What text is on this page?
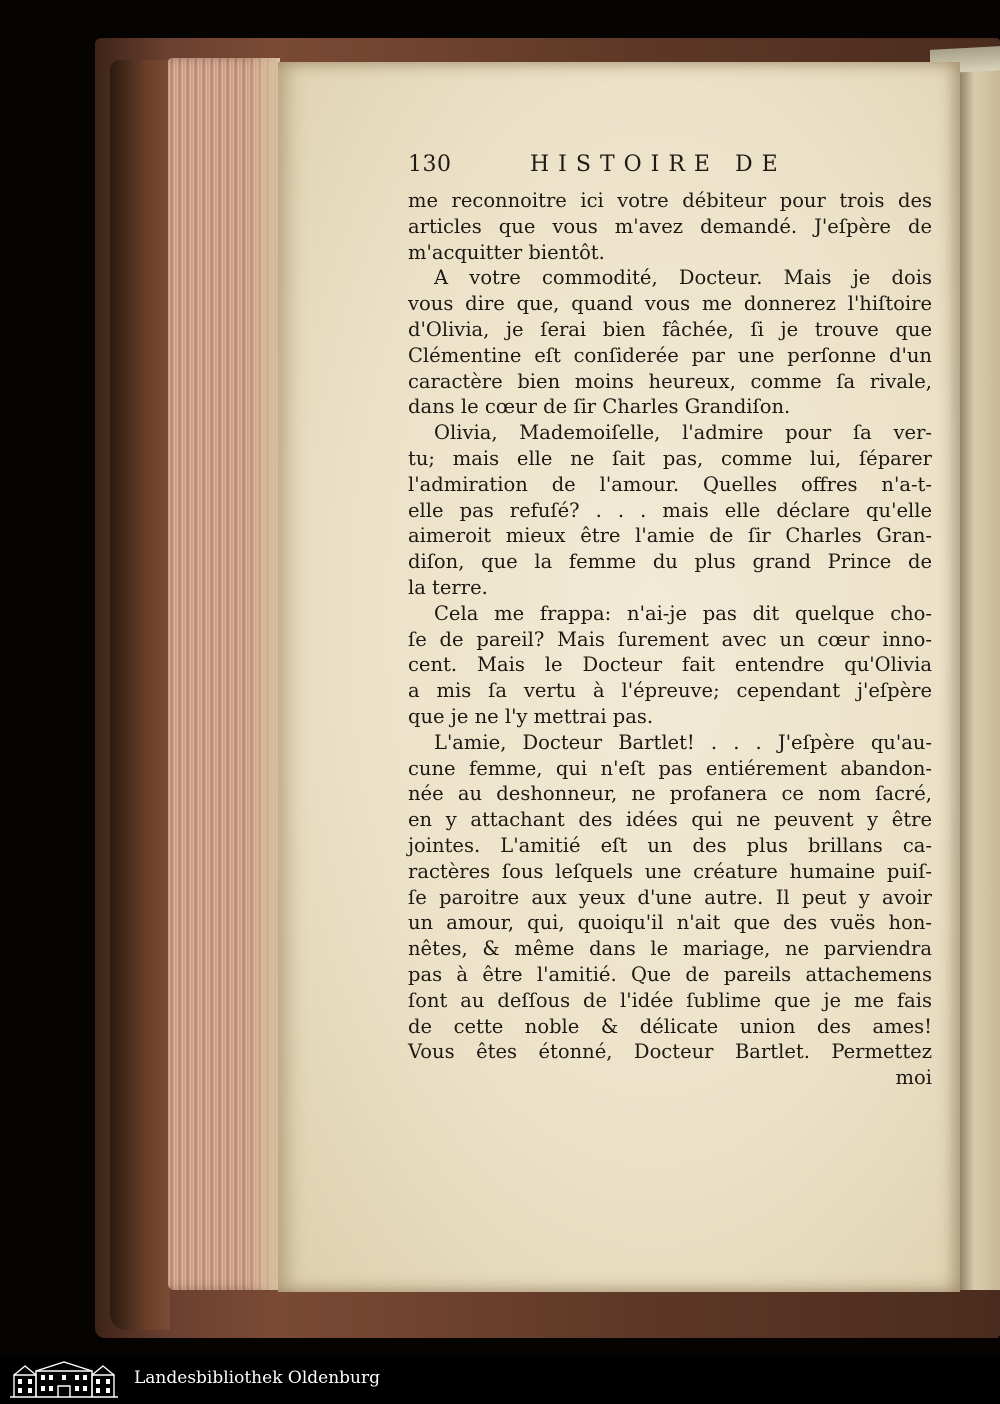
130	HISTOIRE DE
me reconnoitre ici votre débiteur pour trois des
articles que vous m'avez demandé. J'eſpère de
m'acquitter bientôt.
A votre commodité, Docteur. Mais je dois
vous dire que, quand vous me donnerez l'hiſtoire
d'Olivia, je ſerai bien fâchée, ſi je trouve que
Clémentine eſt conſiderée par une perſonne d'un
caractère bien moins heureux, comme ſa rivale,
dans le cœur de ſir Charles Grandiſon.
Olivia, Mademoiſelle, l'admire pour ſa ver-
tu; mais elle ne ſait pas, comme lui, ſéparer
l'admiration de l'amour. Quelles offres n'a-t-
elle pas refuſé? . . . mais elle déclare qu'elle
aimeroit mieux être l'amie de ſir Charles Gran-
diſon, que la femme du plus grand Prince de
la terre.
Cela me frappa: n'ai-je pas dit quelque cho-
ſe de pareil? Mais ſurement avec un cœur inno-
cent. Mais le Docteur fait entendre qu'Olivia
a mis ſa vertu à l'épreuve; cependant j'eſpère
que je ne l'y mettrai pas.
L'amie, Docteur Bartlet! . . . J'eſpère qu'au-
cune femme, qui n'eſt pas entiérement abandon-
née au deshonneur, ne profanera ce nom ſacré,
en y attachant des idées qui ne peuvent y être
jointes. L'amitié eſt un des plus brillans ca-
ractères ſous leſquels une créature humaine puiſ-
ſe paroitre aux yeux d'une autre. Il peut y avoir
un amour, qui, quoiqu'il n'ait que des vuës hon-
nêtes, & même dans le mariage, ne parviendra
pas à être l'amitié. Que de pareils attachemens
ſont au deſſous de l'idée ſublime que je me fais
de cette noble & délicate union des ames!
Vous êtes étonné, Docteur Bartlet. Permettez
moi
Landesbibliothek Oldenburg
